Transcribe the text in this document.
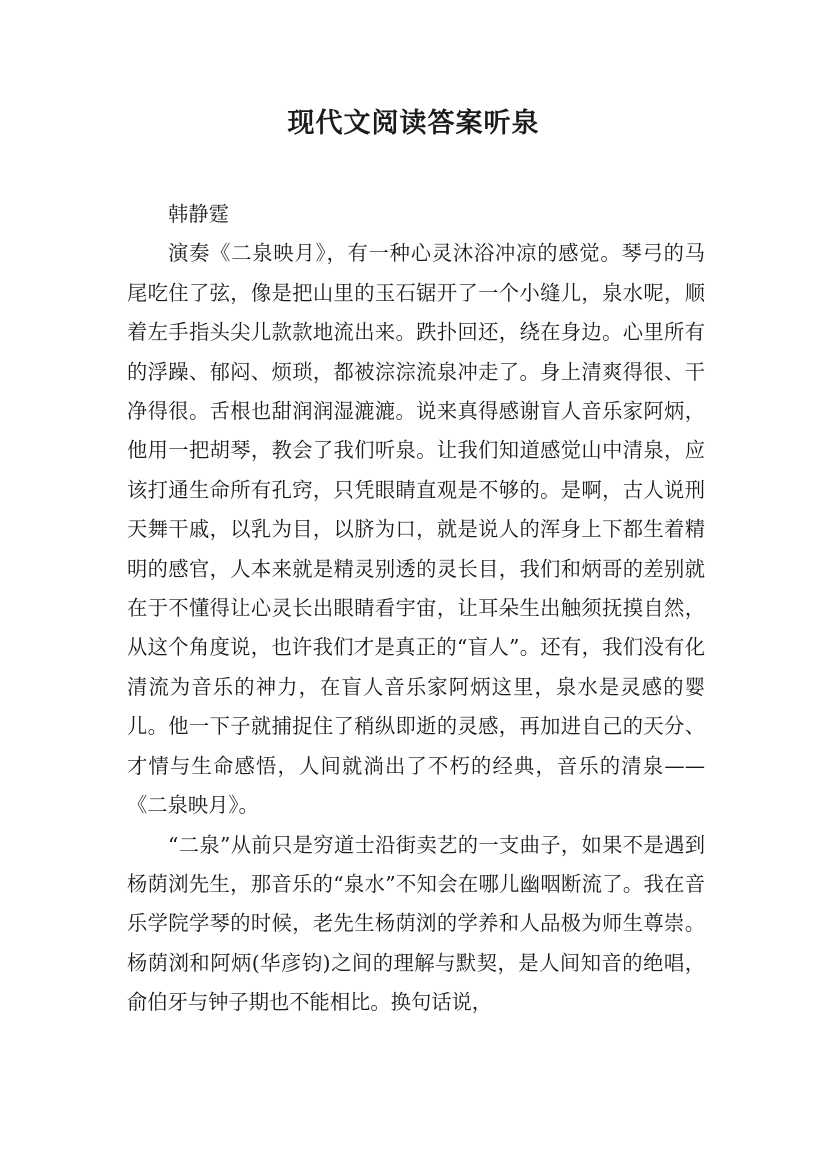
现代文阅读答案听泉

韩静霆

演奏《二泉映月》，有一种心灵沐浴冲凉的感觉。琴弓的马尾吃住了弦，像是把山里的玉石锯开了一个小缝儿，泉水呢，顺着左手指头尖儿款款地流出来。跌扑回还，绕在身边。心里所有的浮躁、郁闷、烦琐，都被淙淙流泉冲走了。身上清爽得很、干净得很。舌根也甜润润湿漉漉。说来真得感谢盲人音乐家阿炳，他用一把胡琴，教会了我们听泉。让我们知道感觉山中清泉，应该打通生命所有孔窍，只凭眼睛直观是不够的。是啊，古人说刑天舞干戚，以乳为目，以脐为口，就是说人的浑身上下都生着精明的感官，人本来就是精灵别透的灵长目，我们和炳哥的差别就在于不懂得让心灵长出眼睛看宇宙，让耳朵生出触须抚摸自然，从这个角度说，也许我们才是真正的“盲人”。还有，我们没有化清流为音乐的神力，在盲人音乐家阿炳这里，泉水是灵感的婴儿。他一下子就捕捉住了稍纵即逝的灵感，再加进自己的天分、才情与生命感悟，人间就淌出了不朽的经典，音乐的清泉——《二泉映月》。

“二泉”从前只是穷道士沿街卖艺的一支曲子，如果不是遇到杨荫浏先生，那音乐的“泉水”不知会在哪儿幽咽断流了。我在音乐学院学琴的时候，老先生杨荫浏的学养和人品极为师生尊崇。杨荫浏和阿炳(华彦钧)之间的理解与默契，是人间知音的绝唱，俞伯牙与钟子期也不能相比。换句话说，
